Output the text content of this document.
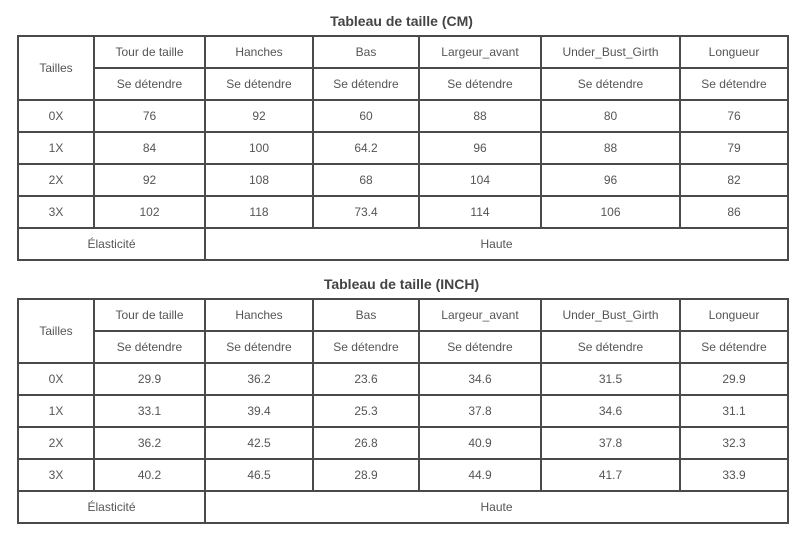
Tableau de taille (CM)
Tailles	Tour de taille	Hanches	Bas	Largeur_avant	Under_Bust_Girth	Longueur
	Se détendre	Se détendre	Se détendre	Se détendre	Se détendre	Se détendre
0X	76	92	60	88	80	76
1X	84	100	64.2	96	88	79
2X	92	108	68	104	96	82
3X	102	118	73.4	114	106	86
Élasticité		Haute				
Tableau de taille (INCH)
Tailles	Tour de taille	Hanches	Bas	Largeur_avant	Under_Bust_Girth	Longueur
	Se détendre	Se détendre	Se détendre	Se détendre	Se détendre	Se détendre
0X	29.9	36.2	23.6	34.6	31.5	29.9
1X	33.1	39.4	25.3	37.8	34.6	31.1
2X	36.2	42.5	26.8	40.9	37.8	32.3
3X	40.2	46.5	28.9	44.9	41.7	33.9
Élasticité		Haute				
